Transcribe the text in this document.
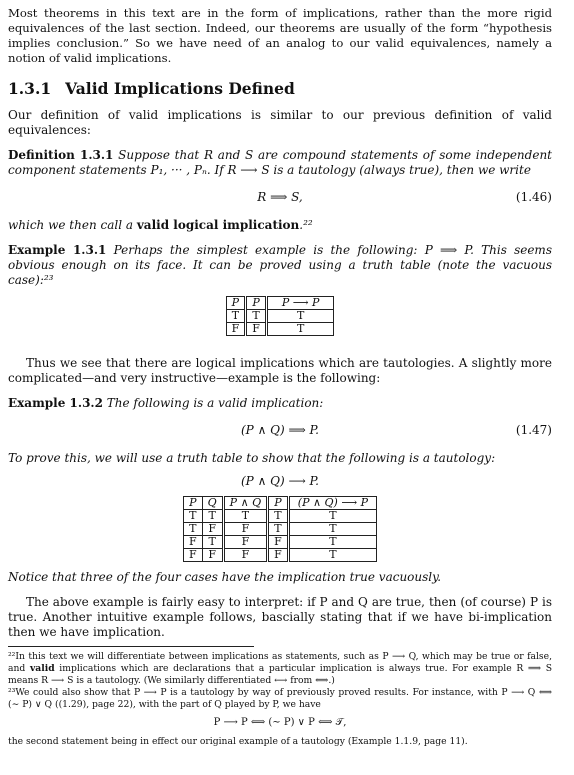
Most theorems in this text are in the form of implications, rather than the more rigid equivalences of the last section. Indeed, our theorems are usually of the form “hypothesis implies conclusion.” So we have need of an analog to our valid equivalences, namely a notion of valid implications.

1.3.1 Valid Implications Defined

Our definition of valid implications is similar to our previous definition of valid equivalences:

Definition 1.3.1 Suppose that R and S are compound statements of some independent component statements P₁, ··· , Pₙ. If R ⟶ S is a tautology (always true), then we write

R ⟹ S,	(1.46)

which we then call a valid logical implication.²²

Example 1.3.1 Perhaps the simplest example is the following: P ⟹ P. This seems obvious enough on its face. It can be proved using a truth table (note the vacuous case):²³

P	P	P ⟶ P
T	T	T
F	F	T

Thus we see that there are logical implications which are tautologies. A slightly more complicated—and very instructive—example is the following:

Example 1.3.2 The following is a valid implication:

(P ∧ Q) ⟹ P.	(1.47)

To prove this, we will use a truth table to show that the following is a tautology:

(P ∧ Q) ⟶ P.
P	Q	P ∧ Q	P	(P ∧ Q) ⟶ P
T	T	T	T	T
T	F	F	T	T
F	T	F	F	T
F	F	F	F	T

Notice that three of the four cases have the implication true vacuously.

The above example is fairly easy to interpret: if P and Q are true, then (of course) P is true. Another intuitive example follows, bascially stating that if we have bi-implication then we have implication.

²²In this text we will differentiate between implications as statements, such as P ⟶ Q, which may be true or false, and valid implications which are declarations that a particular implication is always true. For example R ⟹ S means R ⟶ S is a tautology. (We similarly differentiated ⟷ from ⟺.)

²³We could also show that P ⟶ P is a tautology by way of previously proved results. For instance, with P ⟶ Q ⟺ (∼ P) ∨ Q ((1.29), page 22), with the part of Q played by P, we have

P ⟶ P ⟺ (∼ P) ∨ P ⟺ 𝒯,

the second statement being in effect our original example of a tautology (Example 1.1.9, page 11).
